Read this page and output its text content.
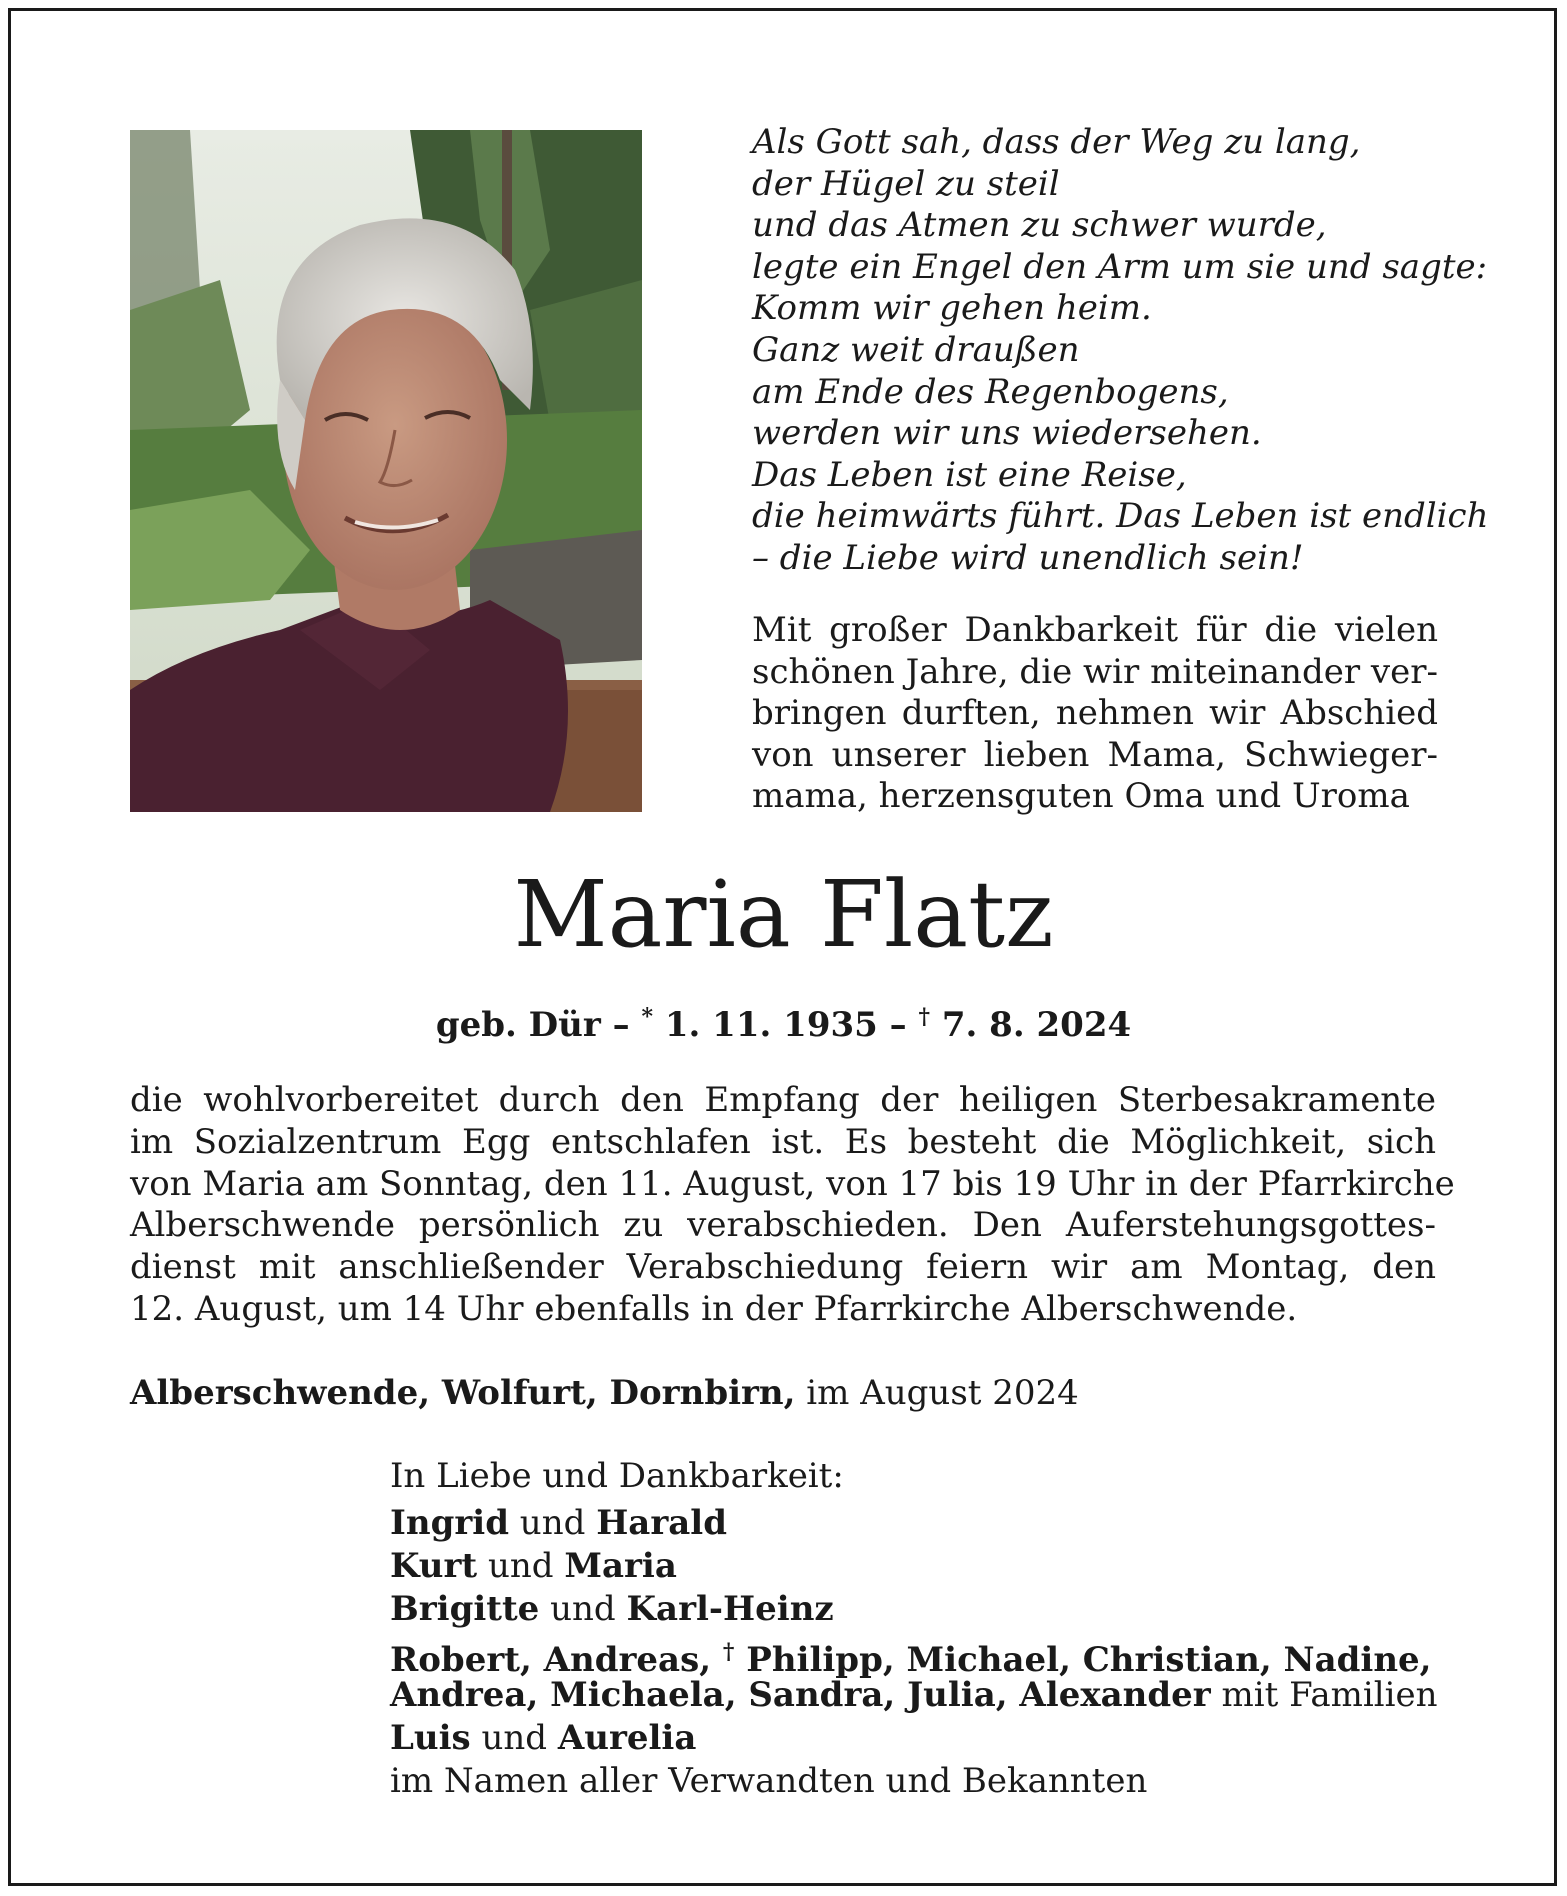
Als Gott sah, dass der Weg zu lang,
der Hügel zu steil
und das Atmen zu schwer wurde,
legte ein Engel den Arm um sie und sagte:
Komm wir gehen heim.
Ganz weit draußen
am Ende des Regenbogens,
werden wir uns wiedersehen.
Das Leben ist eine Reise,
die heimwärts führt. Das Leben ist endlich
– die Liebe wird unendlich sein!
Mit großer Dankbarkeit für die vielen
schönen Jahre, die wir miteinander ver-
bringen durften, nehmen wir Abschied
von unserer lieben Mama, Schwieger-
mama, herzensguten Oma und Uroma
Maria Flatz
geb. Dür – * 1. 11. 1935 – † 7. 8. 2024
die wohlvorbereitet durch den Empfang der heiligen Sterbesakramente
im Sozialzentrum Egg entschlafen ist. Es besteht die Möglichkeit, sich
von Maria am Sonntag, den 11. August, von 17 bis 19 Uhr in der Pfarrkirche
Alberschwende persönlich zu verabschieden. Den Auferstehungsgottes-
dienst mit anschließender Verabschiedung feiern wir am Montag, den
12. August, um 14 Uhr ebenfalls in der Pfarrkirche Alberschwende.
Alberschwende, Wolfurt, Dornbirn, im August 2024
In Liebe und Dankbarkeit:
Ingrid und Harald
Kurt und Maria
Brigitte und Karl-Heinz
Robert, Andreas, † Philipp, Michael, Christian, Nadine,
Andrea, Michaela, Sandra, Julia, Alexander mit Familien
Luis und Aurelia
im Namen aller Verwandten und Bekannten
